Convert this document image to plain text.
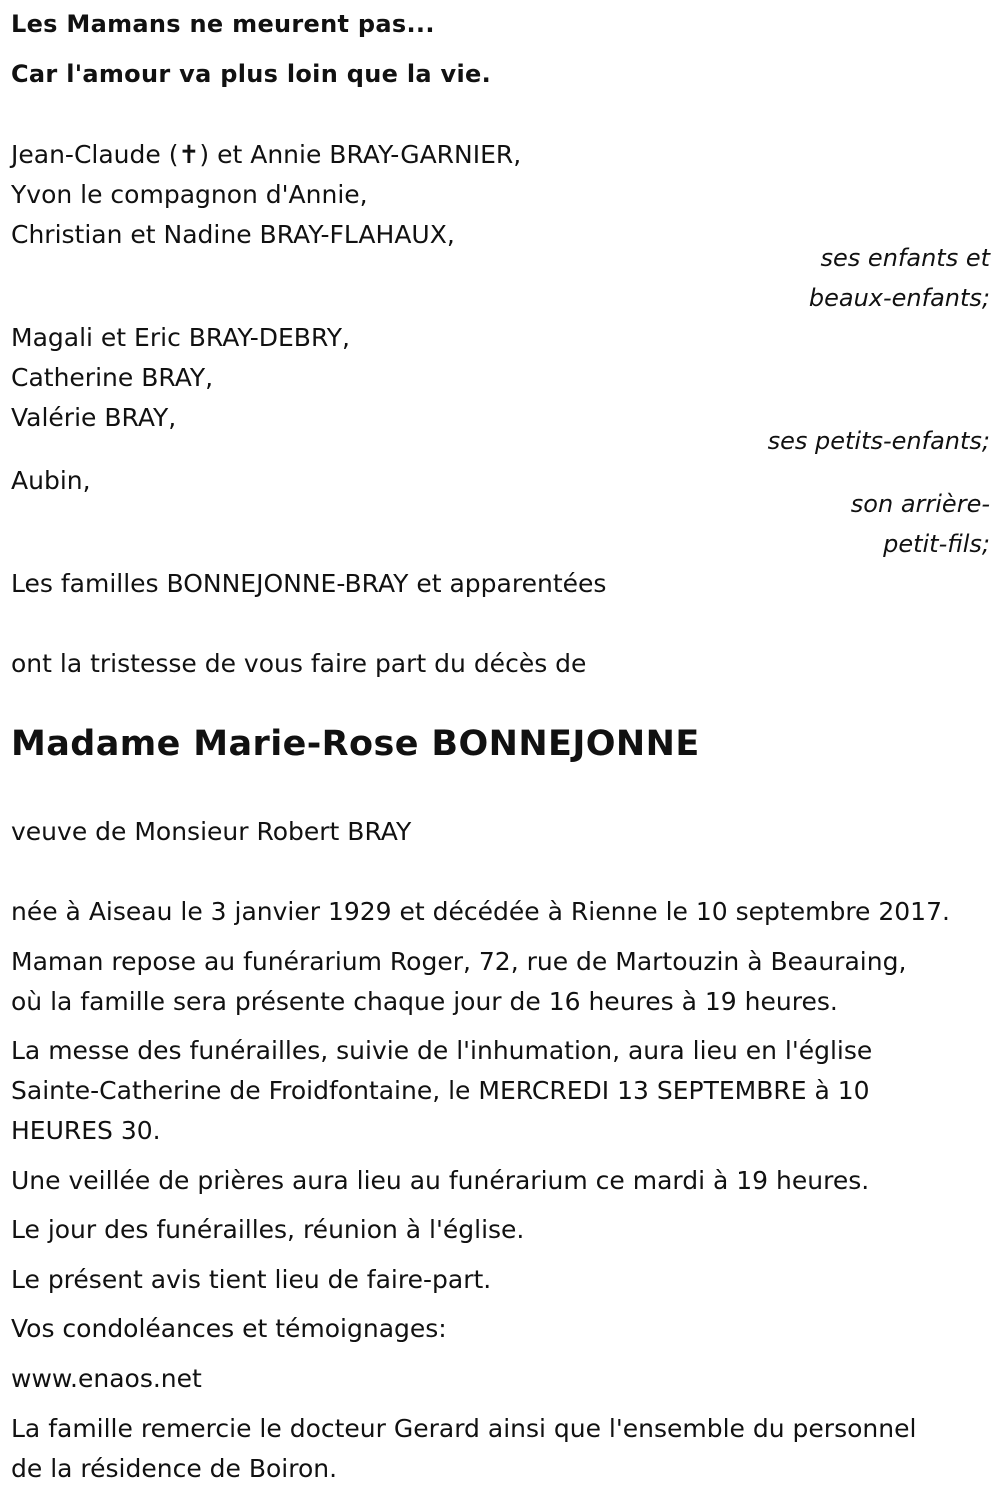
Les Mamans ne meurent pas...
Car l'amour va plus loin que la vie.
Jean-Claude (✝) et Annie BRAY-GARNIER,
Yvon le compagnon d'Annie,
Christian et Nadine BRAY-FLAHAUX,
ses enfants et
beaux-enfants;
Magali et Eric BRAY-DEBRY,
Catherine BRAY,
Valérie BRAY,
ses petits-enfants;
Aubin,
son arrière-
petit-fils;
Les familles BONNEJONNE-BRAY et apparentées
ont la tristesse de vous faire part du décès de
Madame Marie-Rose BONNEJONNE
veuve de Monsieur Robert BRAY
née à Aiseau le 3 janvier 1929 et décédée à Rienne le 10 septembre 2017.
Maman repose au funérarium Roger, 72, rue de Martouzin à Beauraing,
où la famille sera présente chaque jour de 16 heures à 19 heures.
La messe des funérailles, suivie de l'inhumation, aura lieu en l'église
Sainte-Catherine de Froidfontaine, le MERCREDI 13 SEPTEMBRE à 10
HEURES 30.
Une veillée de prières aura lieu au funérarium ce mardi à 19 heures.
Le jour des funérailles, réunion à l'église.
Le présent avis tient lieu de faire-part.
Vos condoléances et témoignages:
www.enaos.net
La famille remercie le docteur Gerard ainsi que l'ensemble du personnel
de la résidence de Boiron.
